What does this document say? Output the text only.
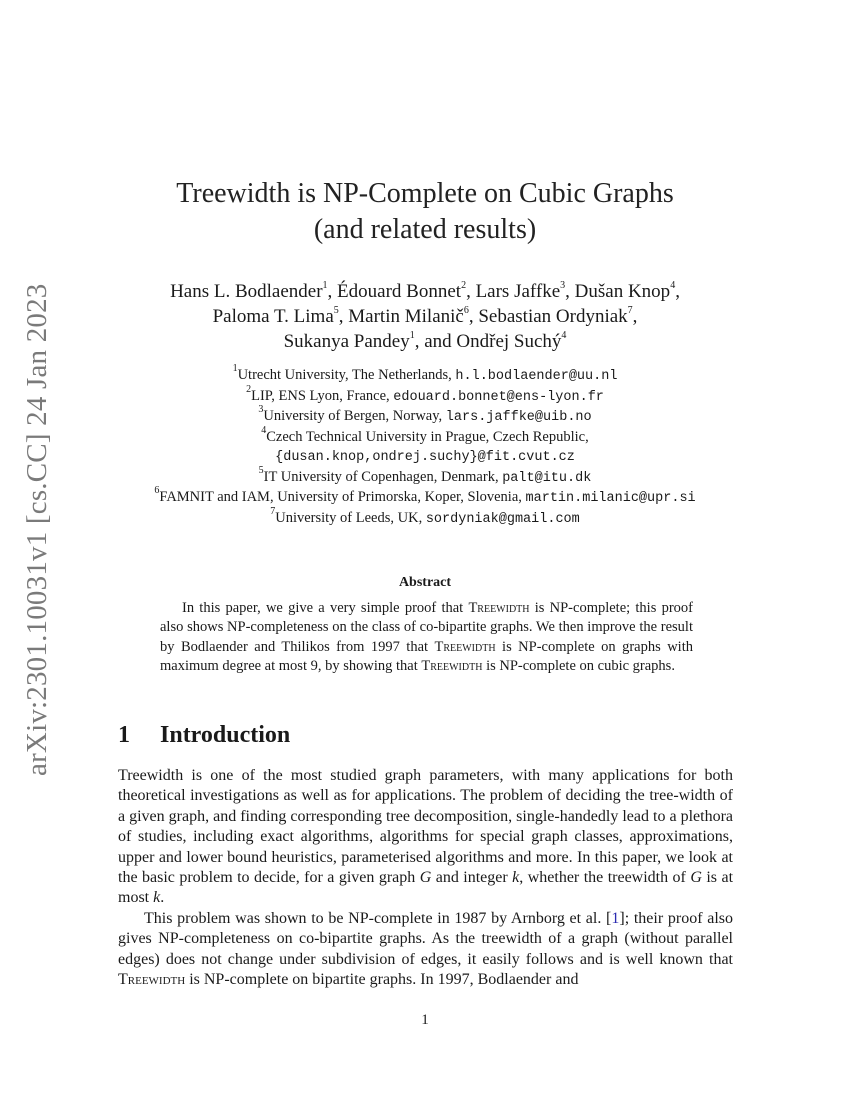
arXiv:2301.10031v1 [cs.CC] 24 Jan 2023
Treewidth is NP-Complete on Cubic Graphs
(and related results)
Hans L. Bodlaender$^1$, Édouard Bonnet$^2$, Lars Jaffke$^3$, Dušan Knop$^4$,
Paloma T. Lima$^5$, Martin Milanič$^6$, Sebastian Ordyniak$^7$,
Sukanya Pandey$^1$, and Ondřej Suchý$^4$
$^1$Utrecht University, The Netherlands, h.l.bodlaender@uu.nl
$^2$LIP, ENS Lyon, France, edouard.bonnet@ens-lyon.fr
$^3$University of Bergen, Norway, lars.jaffke@uib.no
$^4$Czech Technical University in Prague, Czech Republic,
{dusan.knop,ondrej.suchy}@fit.cvut.cz
$^5$IT University of Copenhagen, Denmark, palt@itu.dk
$^6$FAMNIT and IAM, University of Primorska, Koper, Slovenia, martin.milanic@upr.si
$^7$University of Leeds, UK, sordyniak@gmail.com
Abstract
In this paper, we give a very simple proof that Treewidth is NP-complete; this proof also shows NP-completeness on the class of co-bipartite graphs. We then improve the result by Bodlaender and Thilikos from 1997 that Treewidth is NP-complete on graphs with maximum degree at most 9, by showing that Treewidth is NP-complete on cubic graphs.
1 Introduction
Treewidth is one of the most studied graph parameters, with many applications for both theoretical investigations as well as for applications. The problem of deciding the tree-width of a given graph, and finding corresponding tree decomposition, single-handedly lead to a plethora of studies, including exact algorithms, algorithms for special graph classes, approximations, upper and lower bound heuristics, parameterised algorithms and more. In this paper, we look at the basic problem to decide, for a given graph G and integer k, whether the treewidth of G is at most k.
This problem was shown to be NP-complete in 1987 by Arnborg et al. [1]; their proof also gives NP-completeness on co-bipartite graphs. As the treewidth of a graph (without parallel edges) does not change under subdivision of edges, it easily follows and is well known that Treewidth is NP-complete on bipartite graphs. In 1997, Bodlaender and
1
